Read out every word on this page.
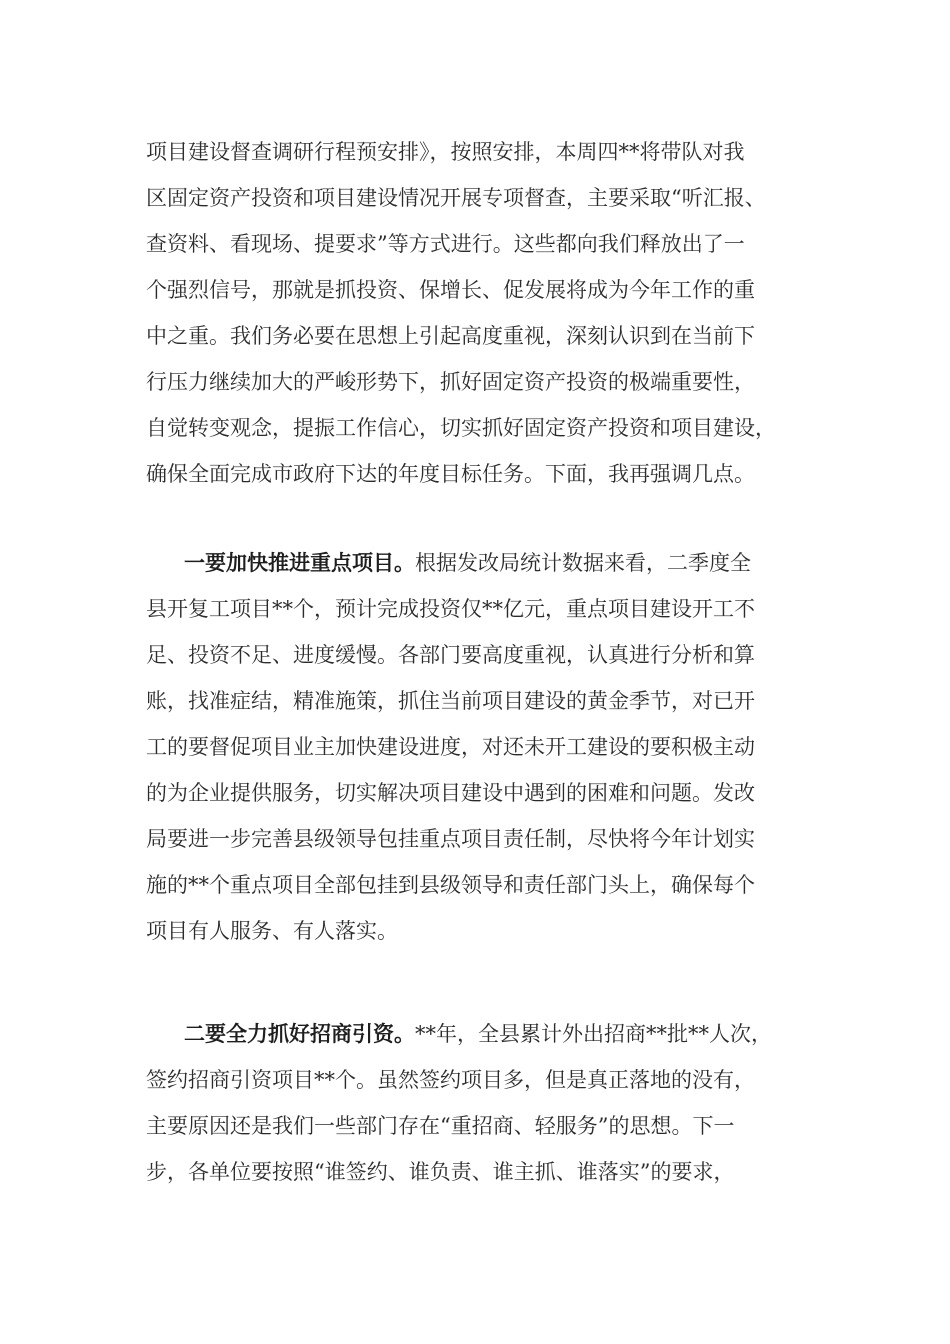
项目建设督查调研行程预安排》，按照安排，本周四**将带队对我
区固定资产投资和项目建设情况开展专项督查，主要采取“听汇报、
查资料、看现场、提要求”等方式进行。这些都向我们释放出了一
个强烈信号，那就是抓投资、保增长、促发展将成为今年工作的重
中之重。我们务必要在思想上引起高度重视，深刻认识到在当前下
行压力继续加大的严峻形势下，抓好固定资产投资的极端重要性，
自觉转变观念，提振工作信心，切实抓好固定资产投资和项目建设，
确保全面完成市政府下达的年度目标任务。下面，我再强调几点。
一要加快推进重点项目。根据发改局统计数据来看，二季度全
县开复工项目**个，预计完成投资仅**亿元，重点项目建设开工不
足、投资不足、进度缓慢。各部门要高度重视，认真进行分析和算
账，找准症结，精准施策，抓住当前项目建设的黄金季节，对已开
工的要督促项目业主加快建设进度，对还未开工建设的要积极主动
的为企业提供服务，切实解决项目建设中遇到的困难和问题。发改
局要进一步完善县级领导包挂重点项目责任制，尽快将今年计划实
施的**个重点项目全部包挂到县级领导和责任部门头上，确保每个
项目有人服务、有人落实。
二要全力抓好招商引资。**年，全县累计外出招商**批**人次，
签约招商引资项目**个。虽然签约项目多，但是真正落地的没有，
主要原因还是我们一些部门存在“重招商、轻服务”的思想。下一
步，各单位要按照“谁签约、谁负责、谁主抓、谁落实”的要求，
